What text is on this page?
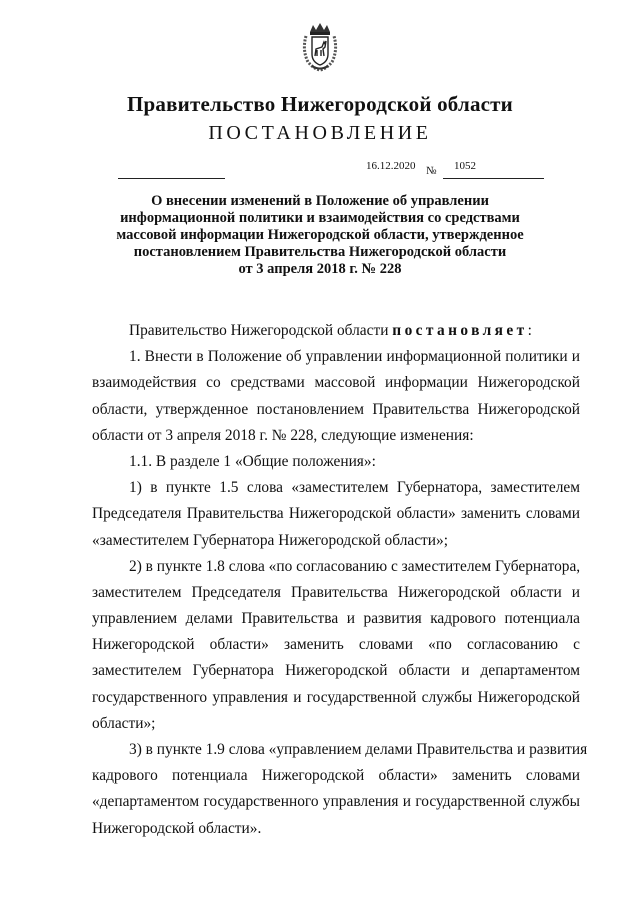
Правительство Нижегородской области
ПОСТАНОВЛЕНИЕ
16.12.2020 № 1052
О внесении изменений в Положение об управлении
информационной политики и взаимодействия со средствами
массовой информации Нижегородской области, утвержденное
постановлением Правительства Нижегородской области
от 3 апреля 2018 г. № 228
Правительство Нижегородской области постановляет:
1. Внести в Положение об управлении информационной политики и
взаимодействия со средствами массовой информации Нижегородской
области, утвержденное постановлением Правительства Нижегородской
области от 3 апреля 2018 г. № 228, следующие изменения:
1.1. В разделе 1 «Общие положения»:
1) в пункте 1.5 слова «заместителем Губернатора, заместителем
Председателя Правительства Нижегородской области» заменить словами
«заместителем Губернатора Нижегородской области»;
2) в пункте 1.8 слова «по согласованию с заместителем Губернатора,
заместителем Председателя Правительства Нижегородской области и
управлением делами Правительства и развития кадрового потенциала
Нижегородской области» заменить словами «по согласованию с
заместителем Губернатора Нижегородской области и департаментом
государственного управления и государственной службы Нижегородской
области»;
3) в пункте 1.9 слова «управлением делами Правительства и развития
кадрового потенциала Нижегородской области» заменить словами
«департаментом государственного управления и государственной службы
Нижегородской области».
